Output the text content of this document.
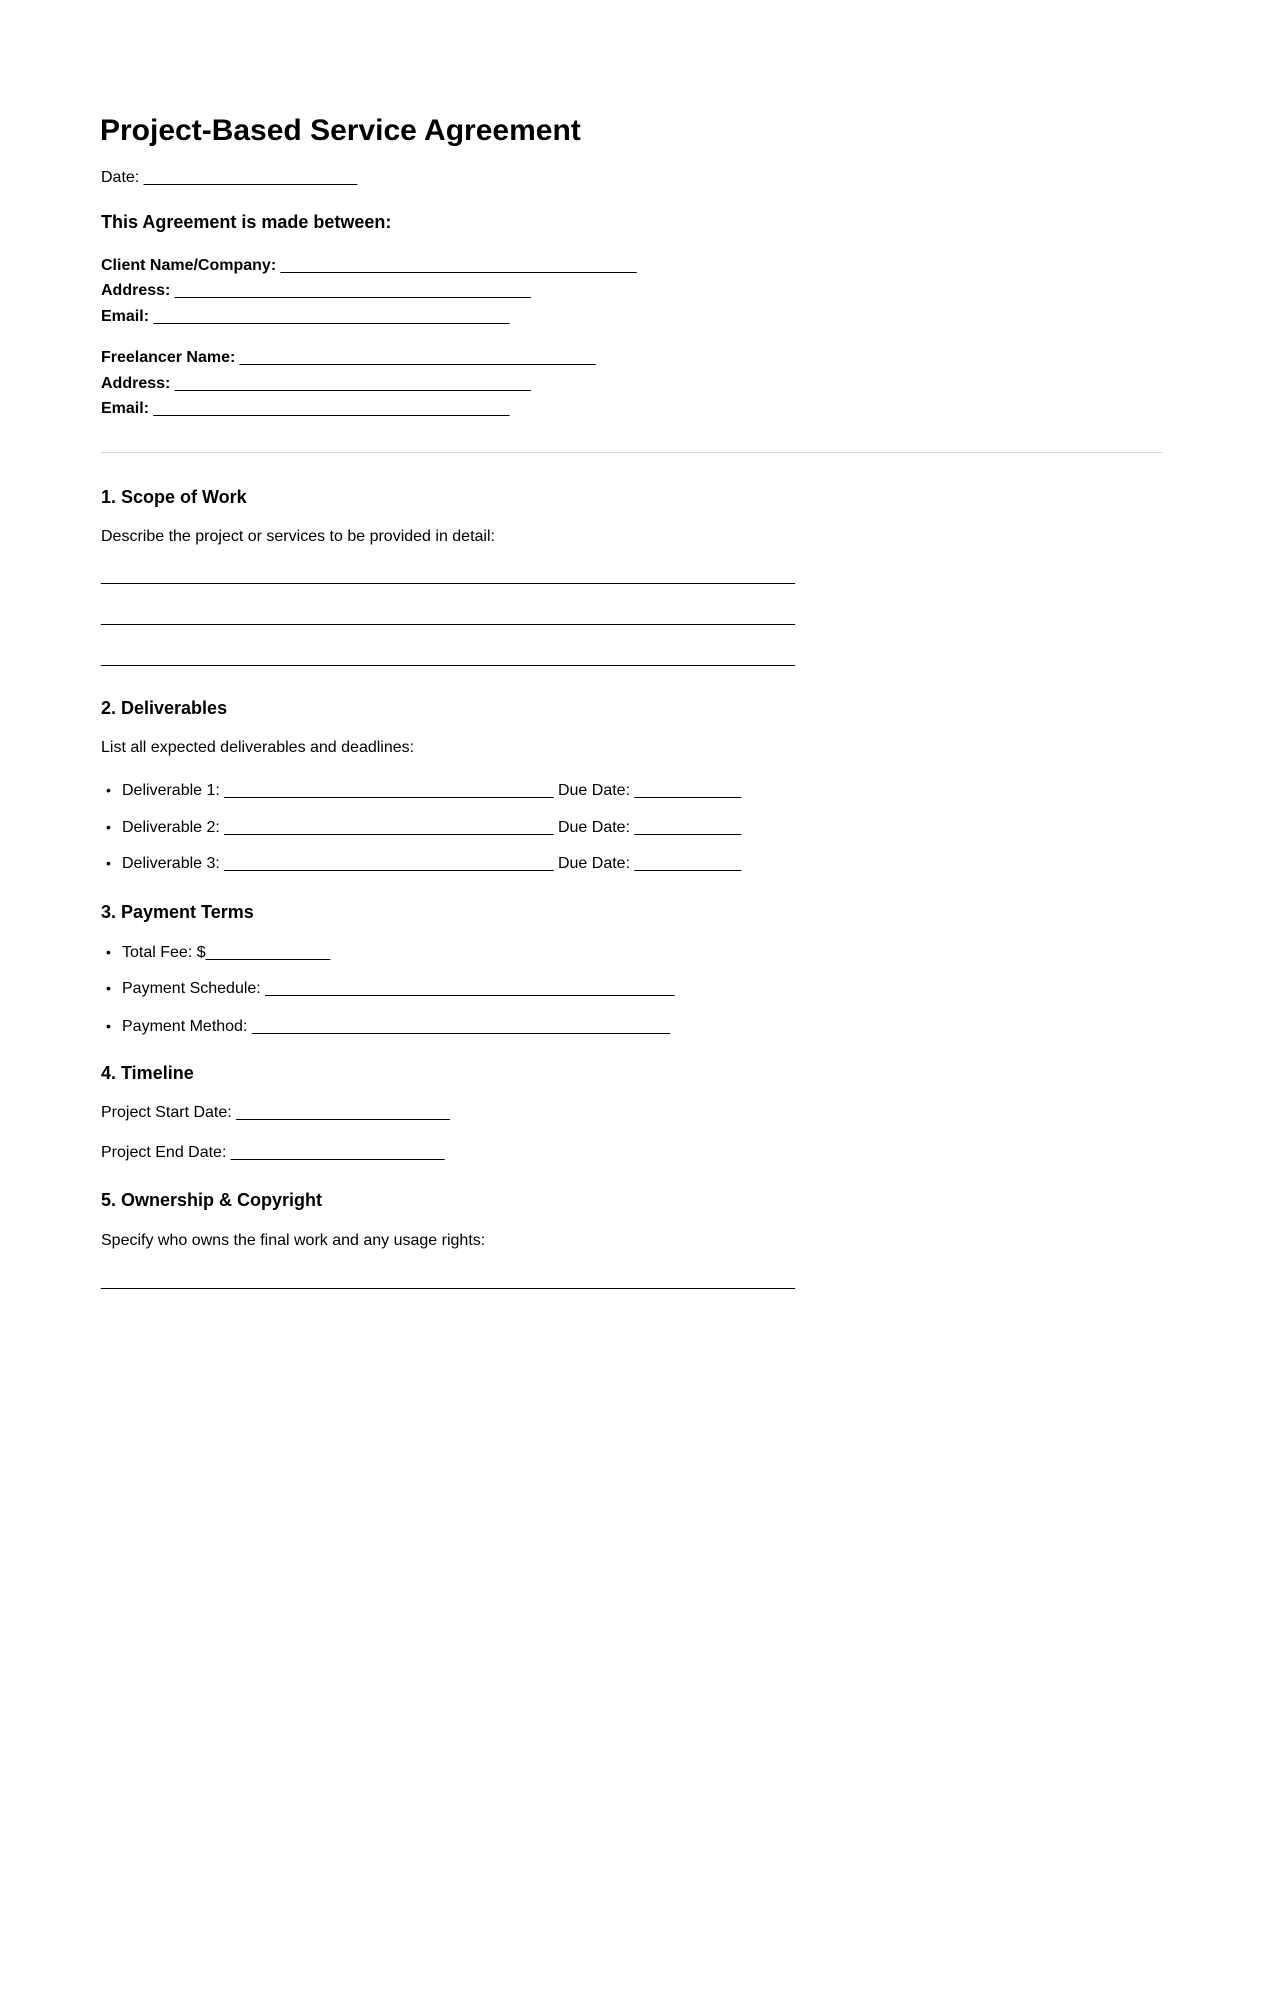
Project-Based Service Agreement
Date: ________________________
This Agreement is made between:
Client Name/Company: ________________________________________
Address: ________________________________________
Email: ________________________________________
Freelancer Name: ________________________________________
Address: ________________________________________
Email: ________________________________________
1. Scope of Work
Describe the project or services to be provided in detail:
______________________________________________________________________________
______________________________________________________________________________
______________________________________________________________________________
2. Deliverables
List all expected deliverables and deadlines:
• Deliverable 1: _____________________________________ Due Date: ____________
• Deliverable 2: _____________________________________ Due Date: ____________
• Deliverable 3: _____________________________________ Due Date: ____________
3. Payment Terms
• Total Fee: $______________
• Payment Schedule: ______________________________________________
• Payment Method: _______________________________________________
4. Timeline
Project Start Date: ________________________
Project End Date: ________________________
5. Ownership & Copyright
Specify who owns the final work and any usage rights:
______________________________________________________________________________
